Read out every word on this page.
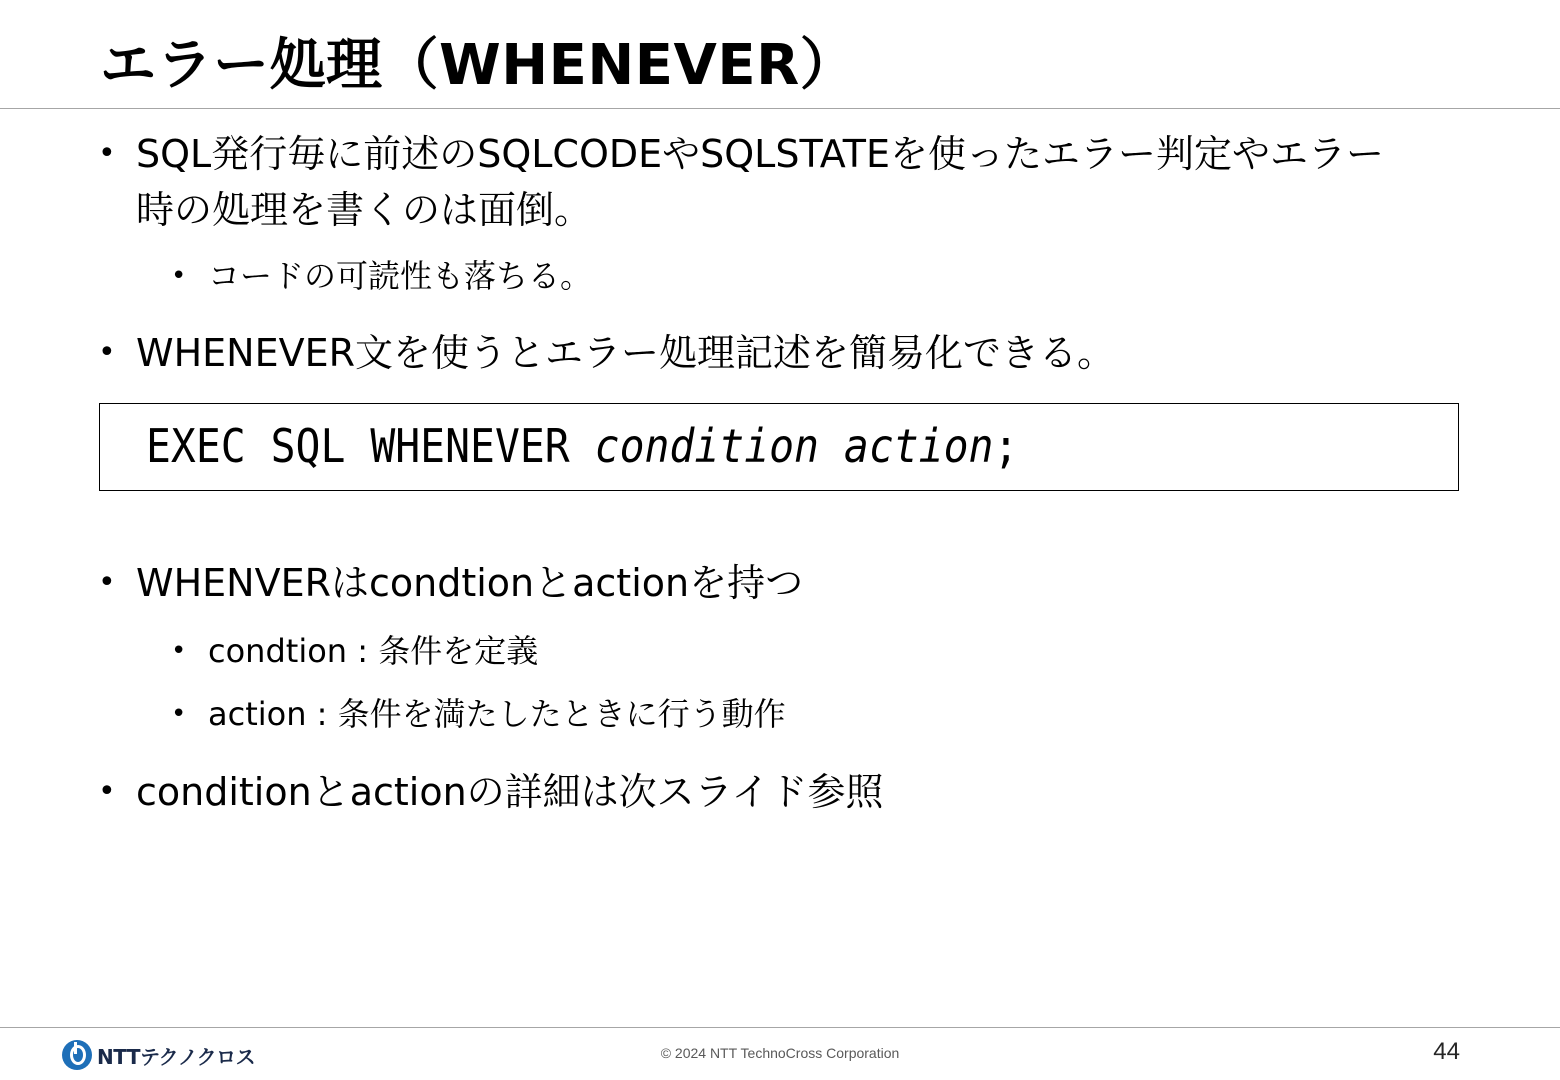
エラー処理（WHENEVER）
• SQL発行毎に前述のSQLCODEやSQLSTATEを使ったエラー判定やエラー
時の処理を書くのは面倒。
• コードの可読性も落ちる。
• WHENEVER文を使うとエラー処理記述を簡易化できる。
EXEC SQL WHENEVER condition action;
• WHENVERはcondtionとactionを持つ
• condtion : 条件を定義
• action : 条件を満たしたときに行う動作
• conditionとactionの詳細は次スライド参照
NTTテクノクロス	© 2024 NTT TechnoCross Corporation	44
